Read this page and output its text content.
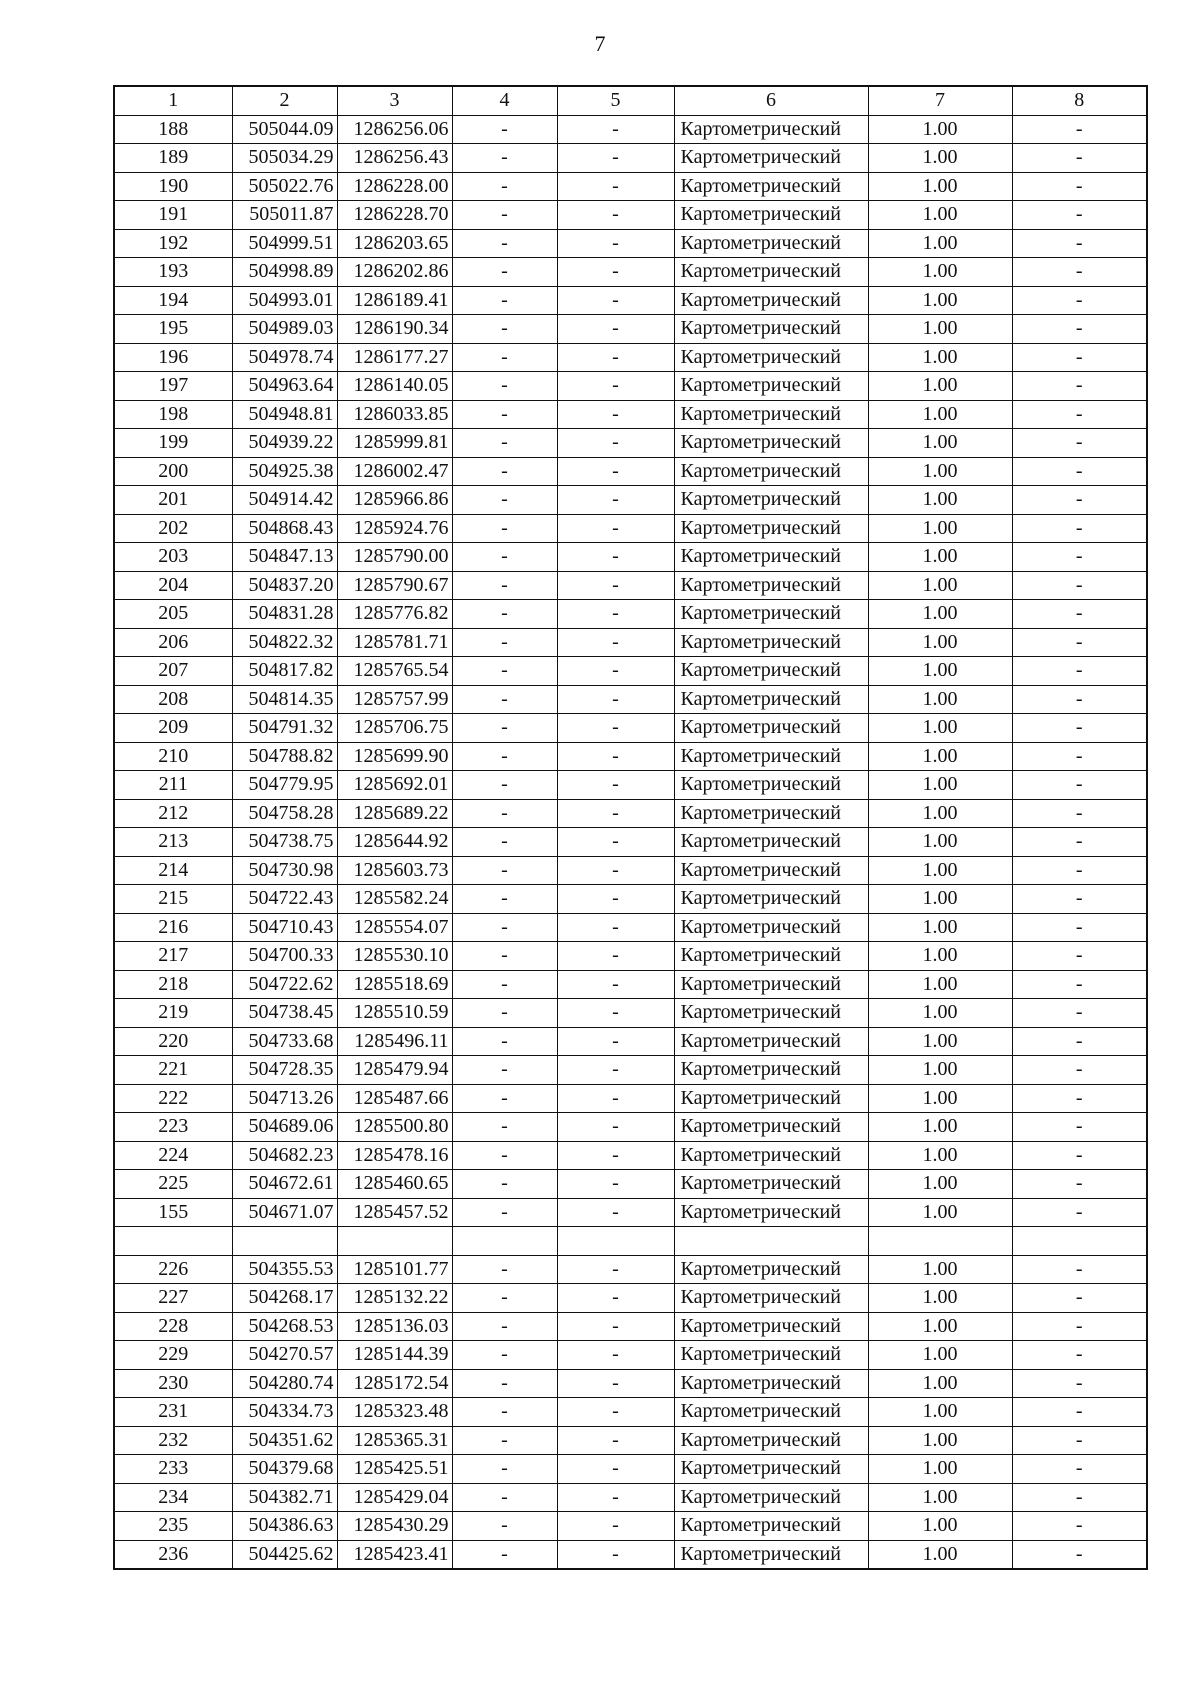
7
1	2	3	4	5	6	7	8
188	505044.09	1286256.06	-	-	Картометрический	1.00	-
189	505034.29	1286256.43	-	-	Картометрический	1.00	-
190	505022.76	1286228.00	-	-	Картометрический	1.00	-
191	505011.87	1286228.70	-	-	Картометрический	1.00	-
192	504999.51	1286203.65	-	-	Картометрический	1.00	-
193	504998.89	1286202.86	-	-	Картометрический	1.00	-
194	504993.01	1286189.41	-	-	Картометрический	1.00	-
195	504989.03	1286190.34	-	-	Картометрический	1.00	-
196	504978.74	1286177.27	-	-	Картометрический	1.00	-
197	504963.64	1286140.05	-	-	Картометрический	1.00	-
198	504948.81	1286033.85	-	-	Картометрический	1.00	-
199	504939.22	1285999.81	-	-	Картометрический	1.00	-
200	504925.38	1286002.47	-	-	Картометрический	1.00	-
201	504914.42	1285966.86	-	-	Картометрический	1.00	-
202	504868.43	1285924.76	-	-	Картометрический	1.00	-
203	504847.13	1285790.00	-	-	Картометрический	1.00	-
204	504837.20	1285790.67	-	-	Картометрический	1.00	-
205	504831.28	1285776.82	-	-	Картометрический	1.00	-
206	504822.32	1285781.71	-	-	Картометрический	1.00	-
207	504817.82	1285765.54	-	-	Картометрический	1.00	-
208	504814.35	1285757.99	-	-	Картометрический	1.00	-
209	504791.32	1285706.75	-	-	Картометрический	1.00	-
210	504788.82	1285699.90	-	-	Картометрический	1.00	-
211	504779.95	1285692.01	-	-	Картометрический	1.00	-
212	504758.28	1285689.22	-	-	Картометрический	1.00	-
213	504738.75	1285644.92	-	-	Картометрический	1.00	-
214	504730.98	1285603.73	-	-	Картометрический	1.00	-
215	504722.43	1285582.24	-	-	Картометрический	1.00	-
216	504710.43	1285554.07	-	-	Картометрический	1.00	-
217	504700.33	1285530.10	-	-	Картометрический	1.00	-
218	504722.62	1285518.69	-	-	Картометрический	1.00	-
219	504738.45	1285510.59	-	-	Картометрический	1.00	-
220	504733.68	1285496.11	-	-	Картометрический	1.00	-
221	504728.35	1285479.94	-	-	Картометрический	1.00	-
222	504713.26	1285487.66	-	-	Картометрический	1.00	-
223	504689.06	1285500.80	-	-	Картометрический	1.00	-
224	504682.23	1285478.16	-	-	Картометрический	1.00	-
225	504672.61	1285460.65	-	-	Картометрический	1.00	-
155	504671.07	1285457.52	-	-	Картометрический	1.00	-

226	504355.53	1285101.77	-	-	Картометрический	1.00	-
227	504268.17	1285132.22	-	-	Картометрический	1.00	-
228	504268.53	1285136.03	-	-	Картометрический	1.00	-
229	504270.57	1285144.39	-	-	Картометрический	1.00	-
230	504280.74	1285172.54	-	-	Картометрический	1.00	-
231	504334.73	1285323.48	-	-	Картометрический	1.00	-
232	504351.62	1285365.31	-	-	Картометрический	1.00	-
233	504379.68	1285425.51	-	-	Картометрический	1.00	-
234	504382.71	1285429.04	-	-	Картометрический	1.00	-
235	504386.63	1285430.29	-	-	Картометрический	1.00	-
236	504425.62	1285423.41	-	-	Картометрический	1.00	-
